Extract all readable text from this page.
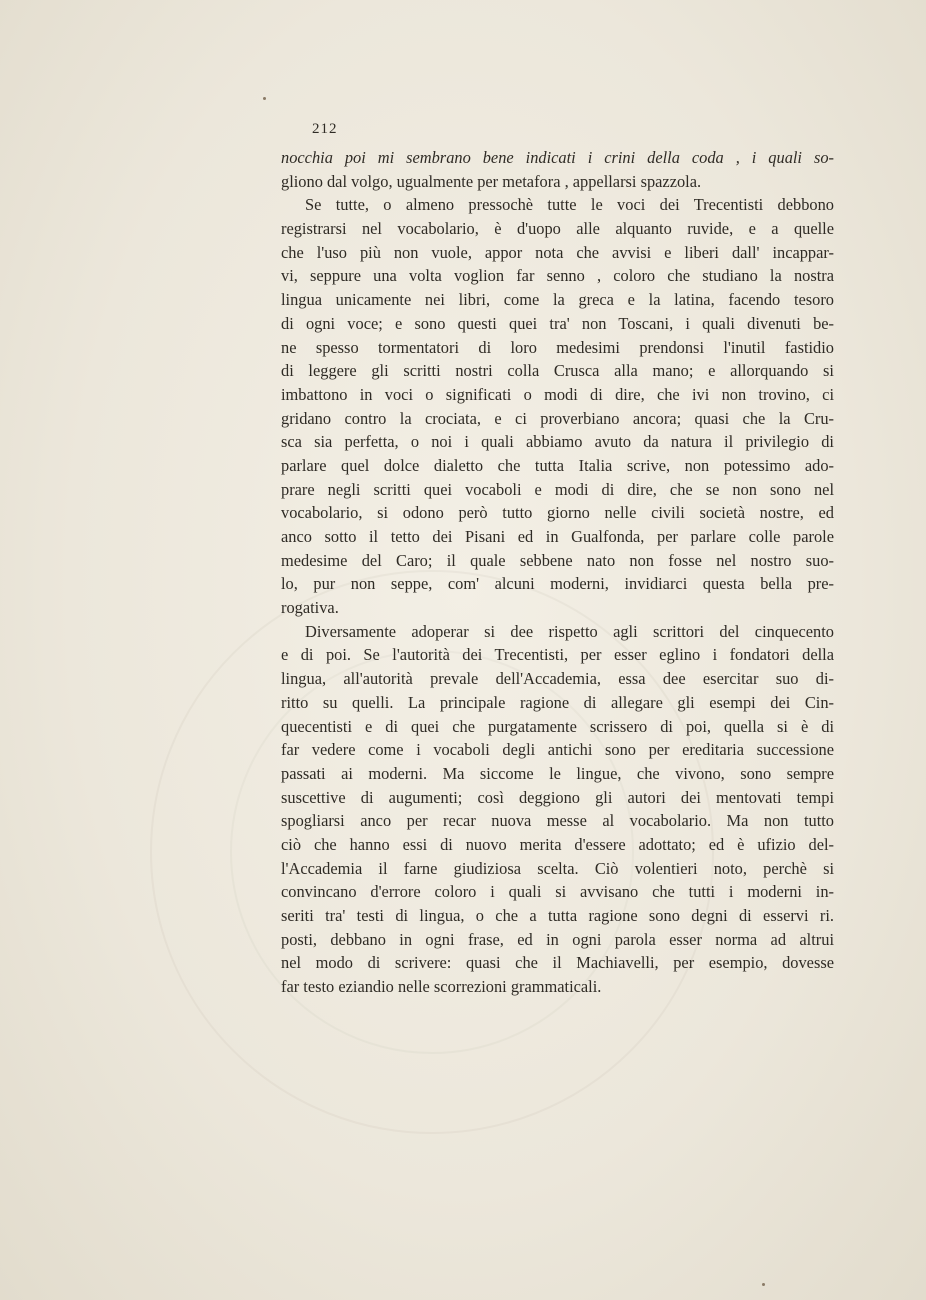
212
nocchia poi mi sembrano bene indicati i crini della coda , i quali so-
gliono dal volgo, ugualmente per metafora , appellarsi spazzola.
Se tutte, o almeno pressochè tutte le voci dei Trecentisti debbono
registrarsi nel vocabolario, è d'uopo alle alquanto ruvide, e a quelle
che l'uso più non vuole, appor nota che avvisi e liberi dall' incappar-
vi, seppure una volta voglion far senno , coloro che studiano la nostra
lingua unicamente nei libri, come la greca e la latina, facendo tesoro
di ogni voce; e sono questi quei tra' non Toscani, i quali divenuti be-
ne spesso tormentatori di loro medesimi prendonsi l'inutil fastidio
di leggere gli scritti nostri colla Crusca alla mano; e allorquando si
imbattono in voci o significati o modi di dire, che ivi non trovino, ci
gridano contro la crociata, e ci proverbiano ancora; quasi che la Cru-
sca sia perfetta, o noi i quali abbiamo avuto da natura il privilegio di
parlare quel dolce dialetto che tutta Italia scrive, non potessimo ado-
prare negli scritti quei vocaboli e modi di dire, che se non sono nel
vocabolario, si odono però tutto giorno nelle civili società nostre, ed
anco sotto il tetto dei Pisani ed in Gualfonda, per parlare colle parole
medesime del Caro; il quale sebbene nato non fosse nel nostro suo-
lo, pur non seppe, com' alcuni moderni, invidiarci questa bella pre-
rogativa.
Diversamente adoperar si dee rispetto agli scrittori del cinquecento
e di poi. Se l'autorità dei Trecentisti, per esser eglino i fondatori della
lingua, all'autorità prevale dell'Accademia, essa dee esercitar suo di-
ritto su quelli. La principale ragione di allegare gli esempi dei Cin-
quecentisti e di quei che purgatamente scrissero di poi, quella si è di
far vedere come i vocaboli degli antichi sono per ereditaria successione
passati ai moderni. Ma siccome le lingue, che vivono, sono sempre
suscettive di augumenti; così deggiono gli autori dei mentovati tempi
spogliarsi anco per recar nuova messe al vocabolario. Ma non tutto
ciò che hanno essi di nuovo merita d'essere adottato; ed è ufizio del-
l'Accademia il farne giudiziosa scelta. Ciò volentieri noto, perchè si
convincano d'errore coloro i quali si avvisano che tutti i moderni in-
seriti tra' testi di lingua, o che a tutta ragione sono degni di esservi ri.
posti, debbano in ogni frase, ed in ogni parola esser norma ad altrui
nel modo di scrivere: quasi che il Machiavelli, per esempio, dovesse
far testo eziandio nelle scorrezioni grammaticali.
